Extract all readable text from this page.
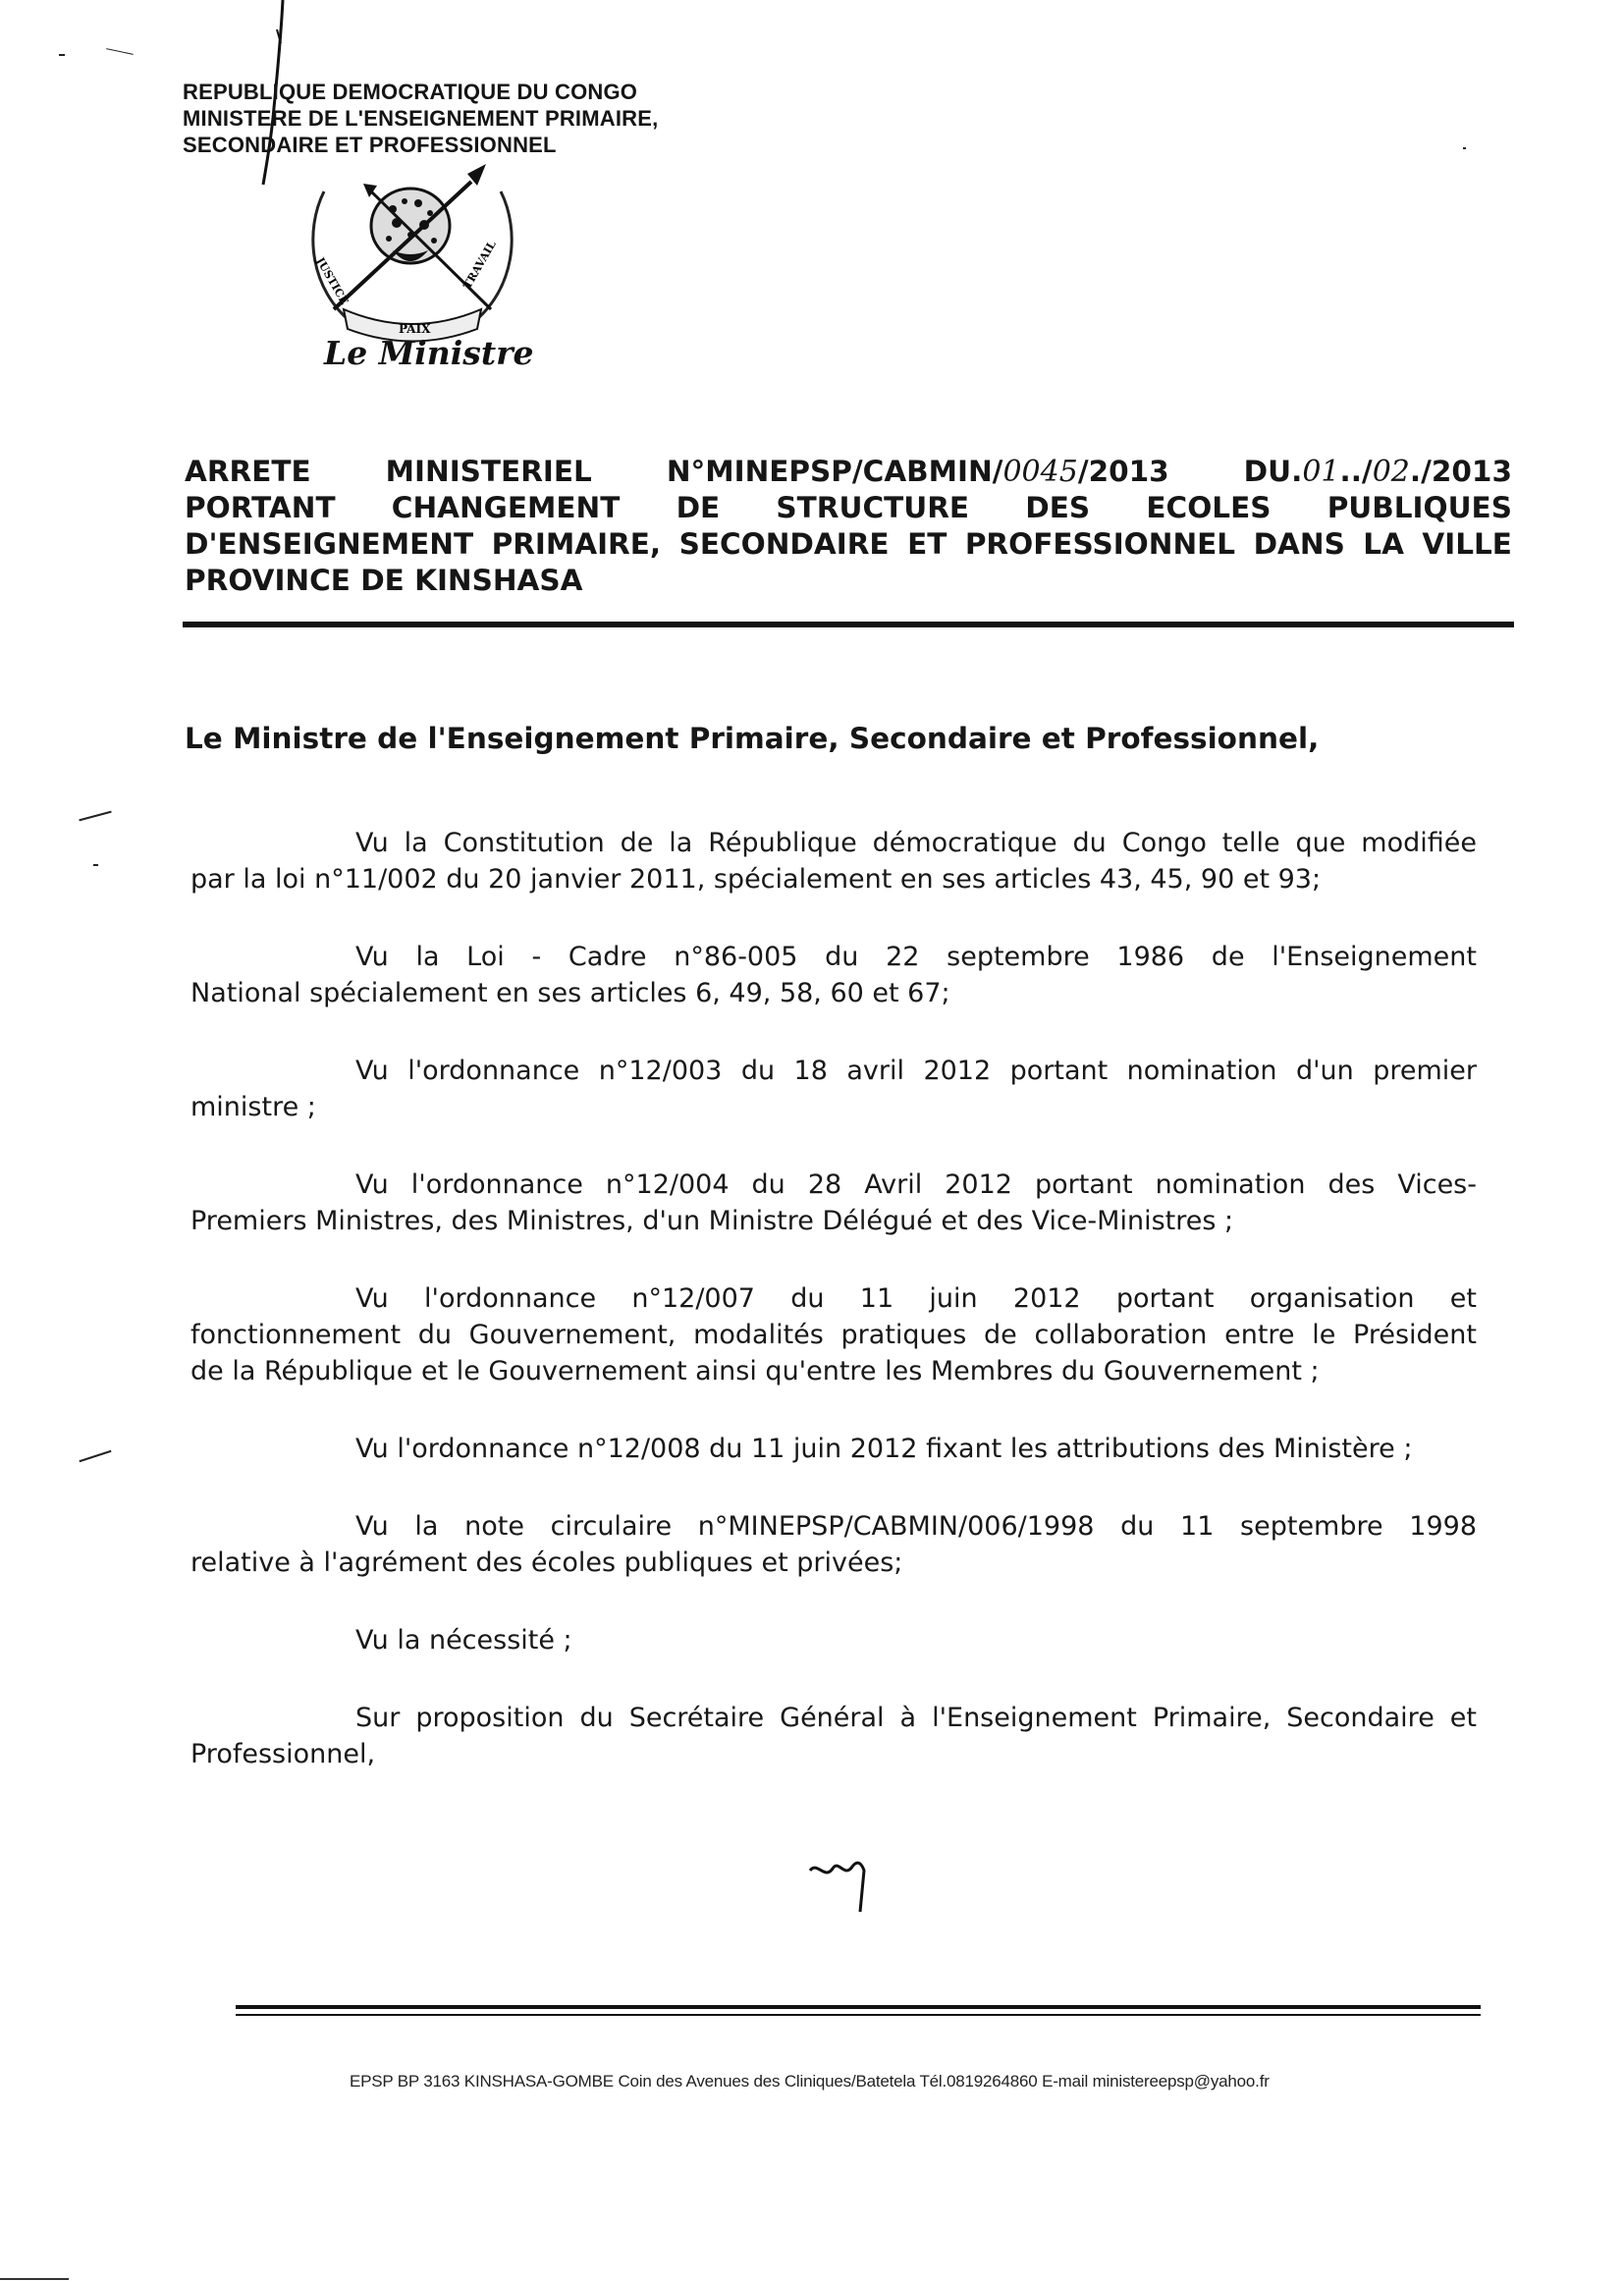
REPUBLIQUE DEMOCRATIQUE DU CONGO
MINISTERE DE L'ENSEIGNEMENT PRIMAIRE,
SECONDAIRE ET PROFESSIONNEL
JUSTICE
PAIX
TRAVAIL
Le Ministre
ARRETE	MINISTERIEL	N°MINEPSP/CABMIN/0045/2013	DU.01../02./2013
PORTANT CHANGEMENT DE STRUCTURE DES ECOLES PUBLIQUES
D'ENSEIGNEMENT PRIMAIRE, SECONDAIRE ET PROFESSIONNEL DANS LA VILLE
PROVINCE DE KINSHASA
Le Ministre de l'Enseignement Primaire, Secondaire et Professionnel,

Vu la Constitution de la République démocratique du Congo telle que modifiée
par la loi n°11/002 du 20 janvier 2011, spécialement en ses articles 43, 45, 90 et 93;

Vu la Loi - Cadre n°86-005 du 22 septembre 1986 de l'Enseignement
National spécialement en ses articles 6, 49, 58, 60 et 67;

Vu l'ordonnance n°12/003 du 18 avril 2012 portant nomination d'un premier
ministre ;

Vu l'ordonnance n°12/004 du 28 Avril 2012 portant nomination des Vices-
Premiers Ministres, des Ministres, d'un Ministre Délégué et des Vice-Ministres ;

Vu l'ordonnance n°12/007 du 11 juin 2012 portant organisation et
fonctionnement du Gouvernement, modalités pratiques de collaboration entre le Président
de la République et le Gouvernement ainsi qu'entre les Membres du Gouvernement ;

Vu l'ordonnance n°12/008 du 11 juin 2012 fixant les attributions des Ministère ;

Vu la note circulaire n°MINEPSP/CABMIN/006/1998 du 11 septembre 1998
relative à l'agrément des écoles publiques et privées;

Vu la nécessité ;

Sur proposition du Secrétaire Général à l'Enseignement Primaire, Secondaire et
Professionnel,

EPSP BP 3163 KINSHASA-GOMBE Coin des Avenues des Cliniques/Batetela Tél.0819264860 E-mail ministereepsp@yahoo.fr
